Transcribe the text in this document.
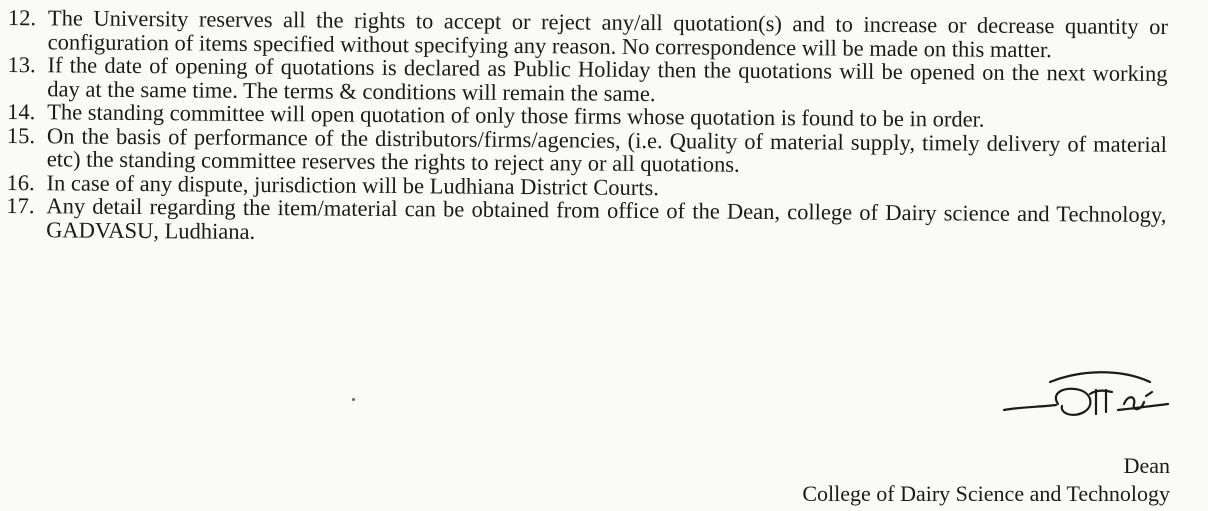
12. The University reserves all the rights to accept or reject any/all quotation(s) and to increase or decrease quantity or configuration of items specified without specifying any reason. No correspondence will be made on this matter.
13. If the date of opening of quotations is declared as Public Holiday then the quotations will be opened on the next working day at the same time. The terms & conditions will remain the same.
14. The standing committee will open quotation of only those firms whose quotation is found to be in order.
15. On the basis of performance of the distributors/firms/agencies, (i.e. Quality of material supply, timely delivery of material etc) the standing committee reserves the rights to reject any or all quotations.
16. In case of any dispute, jurisdiction will be Ludhiana District Courts.
17. Any detail regarding the item/material can be obtained from office of the Dean, college of Dairy science and Technology, GADVASU, Ludhiana.
Dean
College of Dairy Science and Technology
